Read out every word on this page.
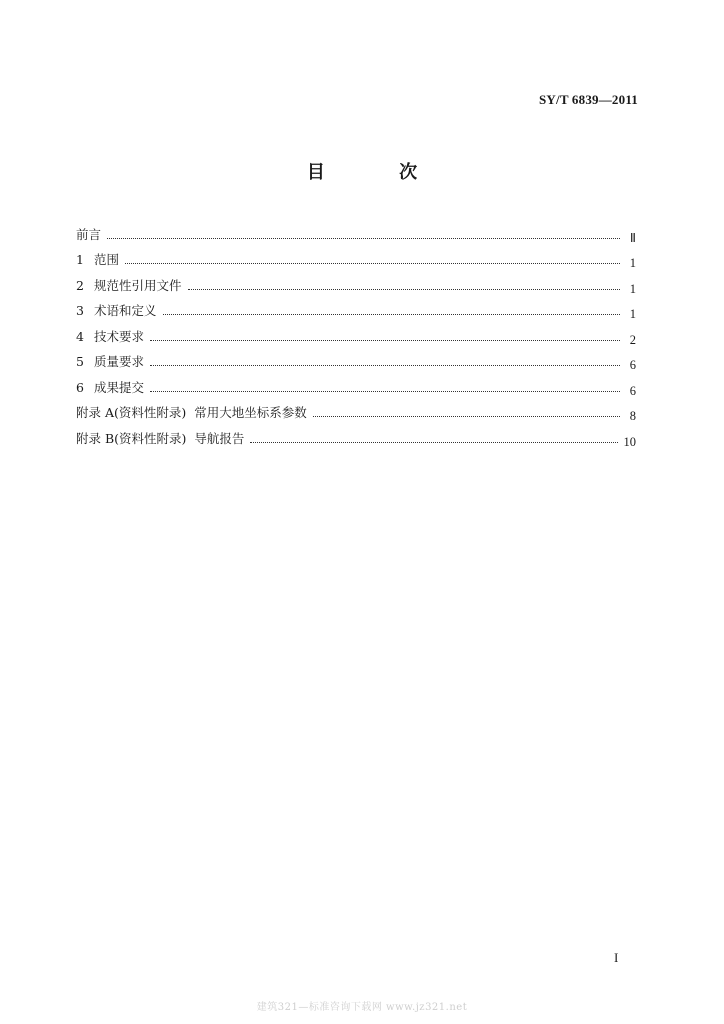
SY/T 6839—2011
目 次
前言	Ⅱ
1 范围	1
2 规范性引用文件	1
3 术语和定义	1
4 技术要求	2
5 质量要求	6
6 成果提交	6
附录 A(资料性附录)  常用大地坐标系参数	8
附录 B(资料性附录)  导航报告	10
I
建筑321—标准咨询下载网 www.jz321.net
